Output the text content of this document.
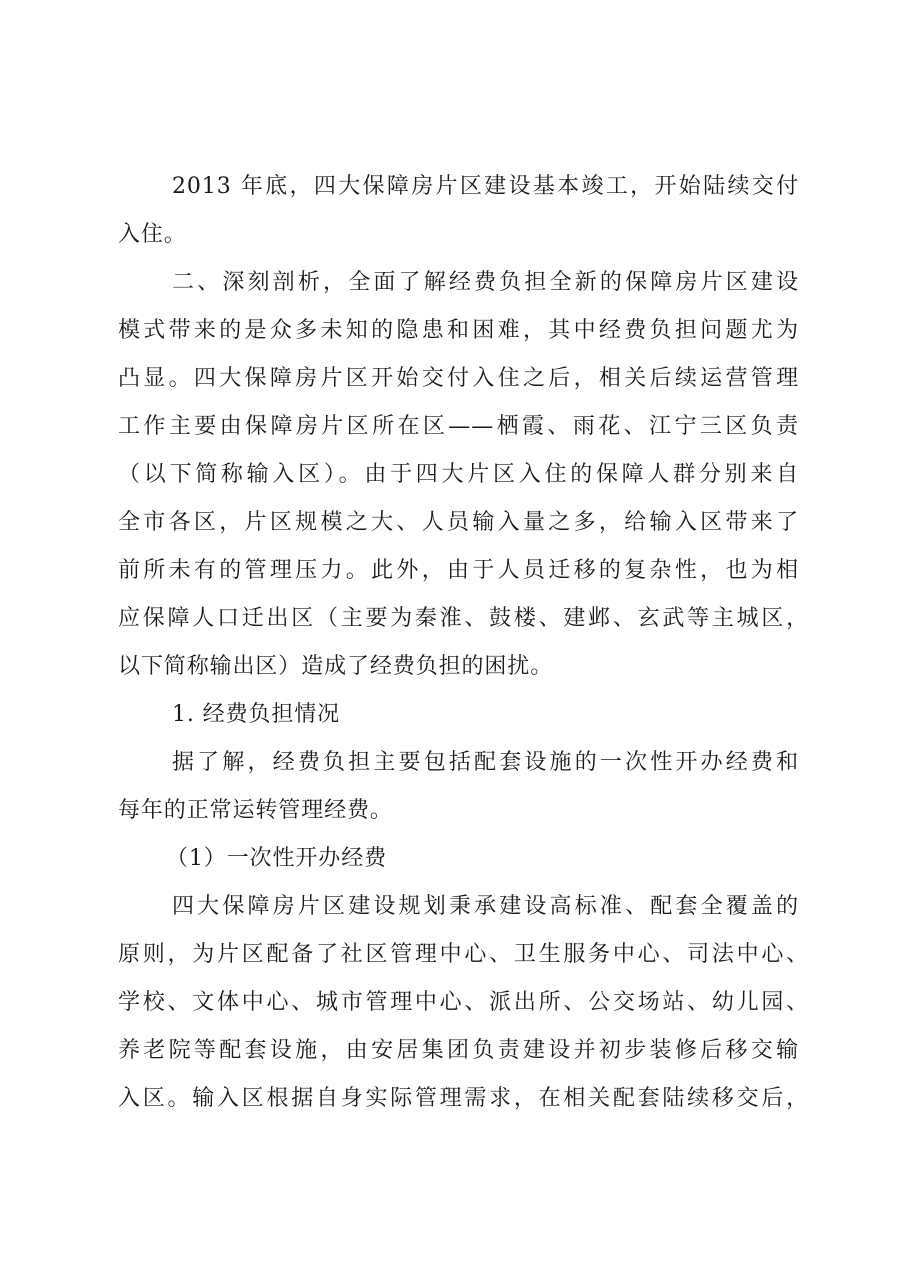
2013 年底，四大保障房片区建设基本竣工，开始陆续交付
入住。
二、深刻剖析，全面了解经费负担全新的保障房片区建设
模式带来的是众多未知的隐患和困难，其中经费负担问题尤为
凸显。四大保障房片区开始交付入住之后，相关后续运营管理
工作主要由保障房片区所在区——栖霞、雨花、江宁三区负责
（以下简称输入区）。由于四大片区入住的保障人群分别来自
全市各区，片区规模之大、人员输入量之多，给输入区带来了
前所未有的管理压力。此外，由于人员迁移的复杂性，也为相
应保障人口迁出区（主要为秦淮、鼓楼、建邺、玄武等主城区，
以下简称输出区）造成了经费负担的困扰。
1. 经费负担情况
据了解，经费负担主要包括配套设施的一次性开办经费和
每年的正常运转管理经费。
（1）一次性开办经费
四大保障房片区建设规划秉承建设高标准、配套全覆盖的
原则，为片区配备了社区管理中心、卫生服务中心、司法中心、
学校、文体中心、城市管理中心、派出所、公交场站、幼儿园、
养老院等配套设施，由安居集团负责建设并初步装修后移交输
入区。输入区根据自身实际管理需求，在相关配套陆续移交后，
